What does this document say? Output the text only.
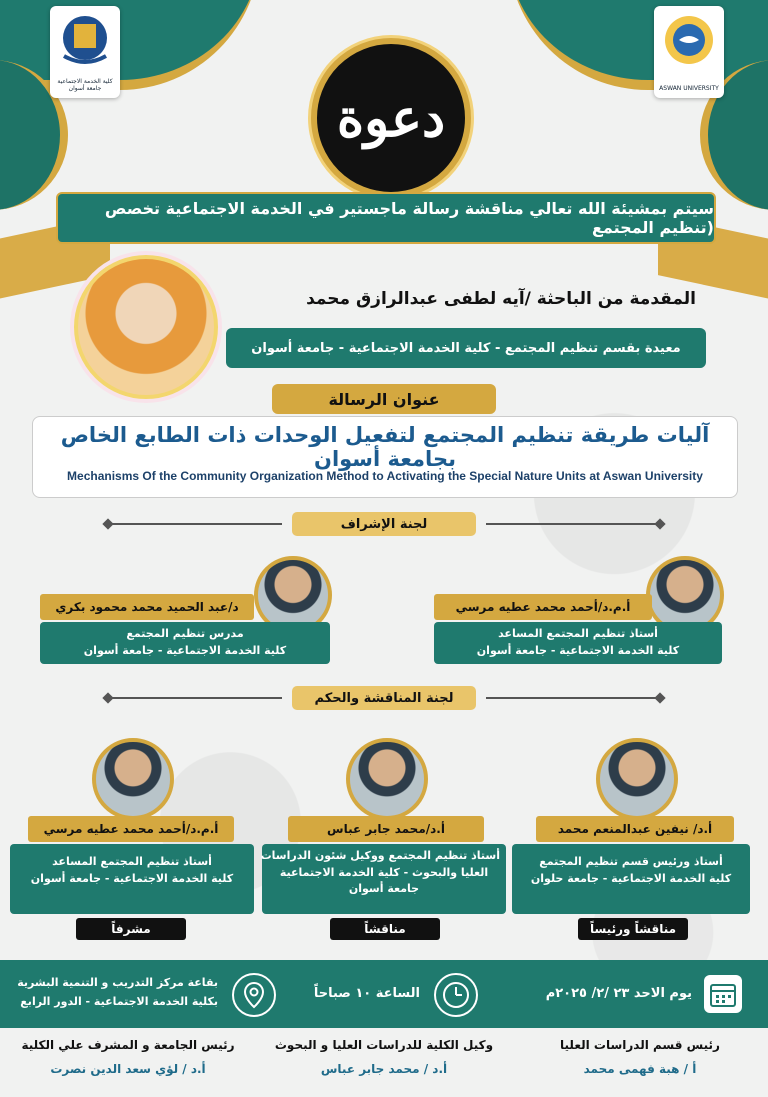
كلية الخدمة الاجتماعية جامعة أسوان	ASWAN UNIVERSITY
دعوة
سيتم بمشيئة الله تعالي مناقشة رسالة ماجستير في الخدمة الاجتماعية تخصص (تنظيم المجتمع
المقدمة من الباحثة /آيه لطفى عبدالرازق محمد
معيدة بقسم تنظيم المجتمع - كلية الخدمة الاجتماعية - جامعة أسوان
عنوان الرسالة
آليات طريقة تنظيم المجتمع لتفعيل الوحدات ذات الطابع الخاص بجامعة أسوان
Mechanisms Of the Community Organization Method to Activating the Special Nature Units at Aswan University
لجنة الإشراف
أ.م.د/أحمد محمد عطيه مرسي
أستاذ تنظيم المجتمع المساعد
كلية الخدمة الاجتماعية - جامعة أسوان
د/عبد الحميد محمد محمود بكري
مدرس تنظيم المجتمع
كلية الخدمة الاجتماعية - جامعة أسوان
لجنة المناقشة والحكم
أ.د/ نيفين عبدالمنعم محمد
أستاذ ورئيس قسم تنظيم المجتمع
كلية الخدمة الاجتماعية - جامعة حلوان
مناقشاً ورئيساً
أ.د/محمد جابر عباس
أستاذ تنظيم المجتمع ووكيل شئون الدراسات
العليا والبحوث - كلية الخدمة الاجتماعية
جامعة أسوان
مناقشاً
أ.م.د/أحمد محمد عطيه مرسي
أستاذ تنظيم المجتمع المساعد
كلية الخدمة الاجتماعية - جامعة أسوان
مشرفاً
يوم الاحد ٢٣ /٢/ ٢٠٢٥م
الساعة ١٠ صباحاً
بقاعة مركز التدريب و التنمية البشرية
بكلية الخدمة الاجتماعية - الدور الرابع
رئيس قسم الدراسات العليا
أ / هبة فهمى محمد
وكيل الكلية للدراسات العليا و البحوث
أ.د / محمد جابر عباس
رئيس الجامعة و المشرف علي الكلية
أ.د / لؤي سعد الدين نصرت
